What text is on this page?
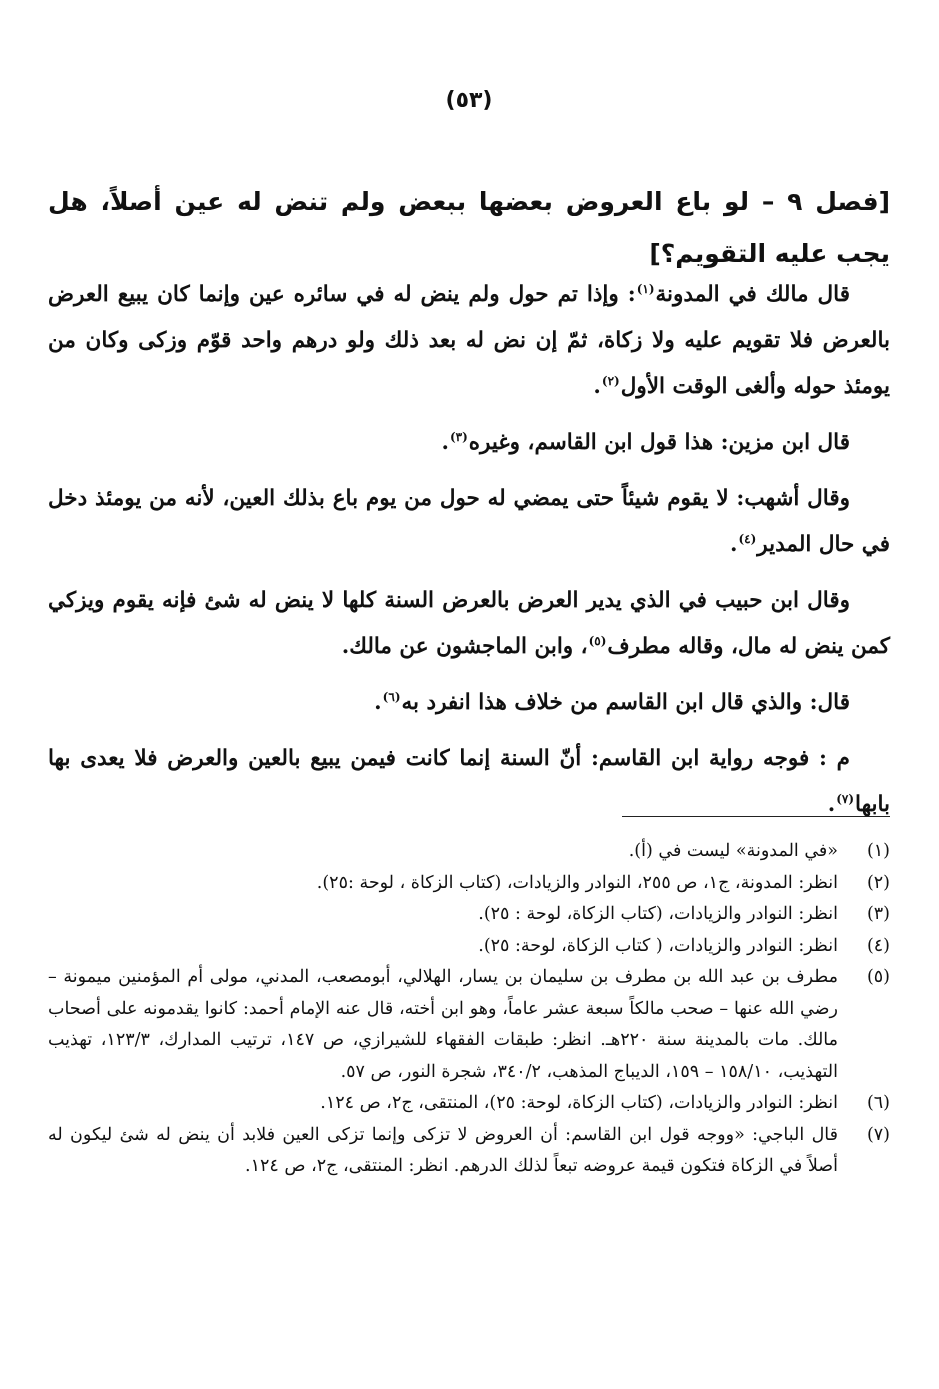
(٥٣)
[فصل ٩ – لو باع العروض بعضها ببعض ولم تنض له عين أصلاً، هل يجب عليه التقويم؟]

قال مالك في المدونة$^{(١)}$: وإذا تم حول ولم ينض له في سائره عين وإنما كان يبيع العرض بالعرض فلا تقويم عليه ولا زكاة، ثمّ إن نض له بعد ذلك ولو درهم واحد قوّم وزكى وكان من يومئذ حوله وألغى الوقت الأول$^{(٢)}$.

قال ابن مزين: هذا قول ابن القاسم، وغيره$^{(٣)}$.

وقال أشهب: لا يقوم شيئاً حتى يمضي له حول من يوم باع بذلك العين، لأنه من يومئذ دخل في حال المدير$^{(٤)}$.

وقال ابن حبيب في الذي يدير العرض بالعرض السنة كلها لا ينض له شئ فإنه يقوم ويزكي كمن ينض له مال، وقاله مطرف$^{(٥)}$، وابن الماجشون عن مالك.

قال: والذي قال ابن القاسم من خلاف هذا انفرد به$^{(٦)}$.

م : فوجه رواية ابن القاسم: أنّ السنة إنما كانت فيمن يبيع بالعين والعرض فلا يعدى بها بابها$^{(٧)}$.

(١)
«في المدونة» ليست في (أ).
(٢)
انظر: المدونة، ج١، ص ٢٥٥، النوادر والزيادات، (كتاب الزكاة ، لوحة :٢٥).
(٣)
انظر: النوادر والزيادات، (كتاب الزكاة، لوحة : ٢٥).
(٤)
انظر: النوادر والزيادات، ( كتاب الزكاة، لوحة: ٢٥).
(٥)
مطرف بن عبد الله بن مطرف بن سليمان بن يسار، الهلالي، أبومصعب، المدني، مولى أم المؤمنين ميمونة – رضي الله عنها – صحب مالكاً سبعة عشر عاماً، وهو ابن أخته، قال عنه الإمام أحمد: كانوا يقدمونه على أصحاب مالك. مات بالمدينة سنة ٢٢٠هـ. انظر: طبقات الفقهاء للشيرازي، ص ١٤٧، ترتيب المدارك، ١٢٣/٣، تهذيب التهذيب، ١٥٨/١٠ – ١٥٩، الديباج المذهب، ٣٤٠/٢، شجرة النور، ص ٥٧.
(٦)
انظر: النوادر والزيادات، (كتاب الزكاة، لوحة: ٢٥)، المنتقى، ج٢، ص ١٢٤.
(٧)
قال الباجي: «ووجه قول ابن القاسم: أن العروض لا تزكى وإنما تزكى العين فلابد أن ينض له شئ ليكون له أصلاً في الزكاة فتكون قيمة عروضه تبعاً لذلك الدرهم. انظر: المنتقى، ج٢، ص ١٢٤.
